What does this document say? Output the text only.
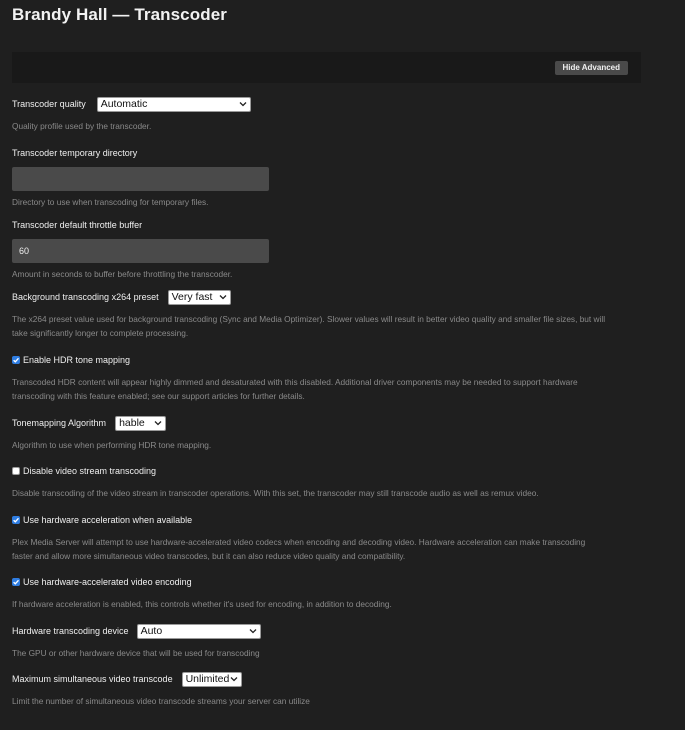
Brandy Hall — Transcoder
Hide Advanced
Transcoder quality	Automatic
Quality profile used by the transcoder.
Transcoder temporary directory
Directory to use when transcoding for temporary files.
Transcoder default throttle buffer
60
Amount in seconds to buffer before throttling the transcoder.
Background transcoding x264 preset	Very fast
The x264 preset value used for background transcoding (Sync and Media Optimizer). Slower values will result in better video quality and smaller file sizes, but will
take significantly longer to complete processing.
Enable HDR tone mapping
Transcoded HDR content will appear highly dimmed and desaturated with this disabled. Additional driver components may be needed to support hardware
transcoding with this feature enabled; see our support articles for further details.
Tonemapping Algorithm	hable
Algorithm to use when performing HDR tone mapping.
Disable video stream transcoding
Disable transcoding of the video stream in transcoder operations. With this set, the transcoder may still transcode audio as well as remux video.
Use hardware acceleration when available
Plex Media Server will attempt to use hardware-accelerated video codecs when encoding and decoding video. Hardware acceleration can make transcoding
faster and allow more simultaneous video transcodes, but it can also reduce video quality and compatibility.
Use hardware-accelerated video encoding
If hardware acceleration is enabled, this controls whether it's used for encoding, in addition to decoding.
Hardware transcoding device	Auto
The GPU or other hardware device that will be used for transcoding
Maximum simultaneous video transcode	Unlimited
Limit the number of simultaneous video transcode streams your server can utilize
